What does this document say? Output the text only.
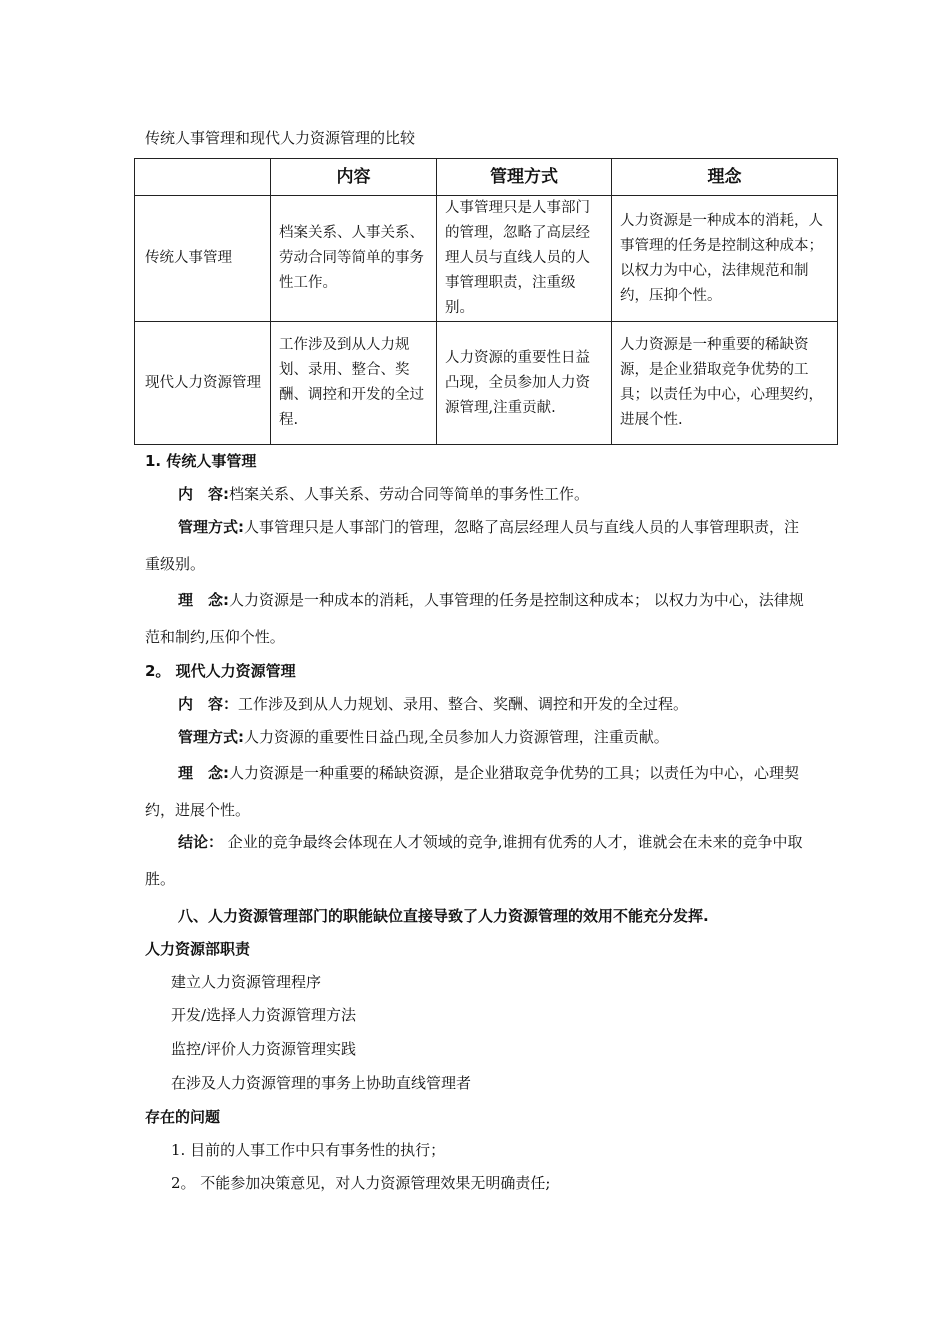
传统人事管理和现代人力资源管理的比较
	内容	管理方式	理念
传统人事管理	档案关系、人事关系、劳动合同等简单的事务性工作。	人事管理只是人事部门的管理，忽略了高层经理人员与直线人员的人事管理职责，注重级别。	人力资源是一种成本的消耗，人事管理的任务是控制这种成本； 以权力为中心，法律规范和制约，压抑个性。
现代人力资源管理	工作涉及到从人力规划、录用、整合、奖酬、调控和开发的全过程.	人力资源的重要性日益凸现，全员参加人力资源管理,注重贡献.	人力资源是一种重要的稀缺资源，是企业猎取竞争优势的工具；以责任为中心，心理契约，进展个性.
1. 传统人事管理
内　容:档案关系、人事关系、劳动合同等简单的事务性工作。
管理方式:人事管理只是人事部门的管理，忽略了高层经理人员与直线人员的人事管理职责，注重级别。
理　念:人力资源是一种成本的消耗，人事管理的任务是控制这种成本； 以权力为中心，法律规范和制约,压仰个性。
2。 现代人力资源管理
内　容：工作涉及到从人力规划、录用、整合、奖酬、调控和开发的全过程。
管理方式:人力资源的重要性日益凸现,全员参加人力资源管理，注重贡献。
理　念:人力资源是一种重要的稀缺资源，是企业猎取竞争优势的工具；以责任为中心，心理契约，进展个性。
结论： 企业的竞争最终会体现在人才领域的竞争,谁拥有优秀的人才，谁就会在未来的竞争中取胜。
八、人力资源管理部门的职能缺位直接导致了人力资源管理的效用不能充分发挥.
人力资源部职责
建立人力资源管理程序
开发/选择人力资源管理方法
监控/评价人力资源管理实践
在涉及人力资源管理的事务上协助直线管理者
存在的问题
1. 目前的人事工作中只有事务性的执行；
2。 不能参加决策意见，对人力资源管理效果无明确责任;
